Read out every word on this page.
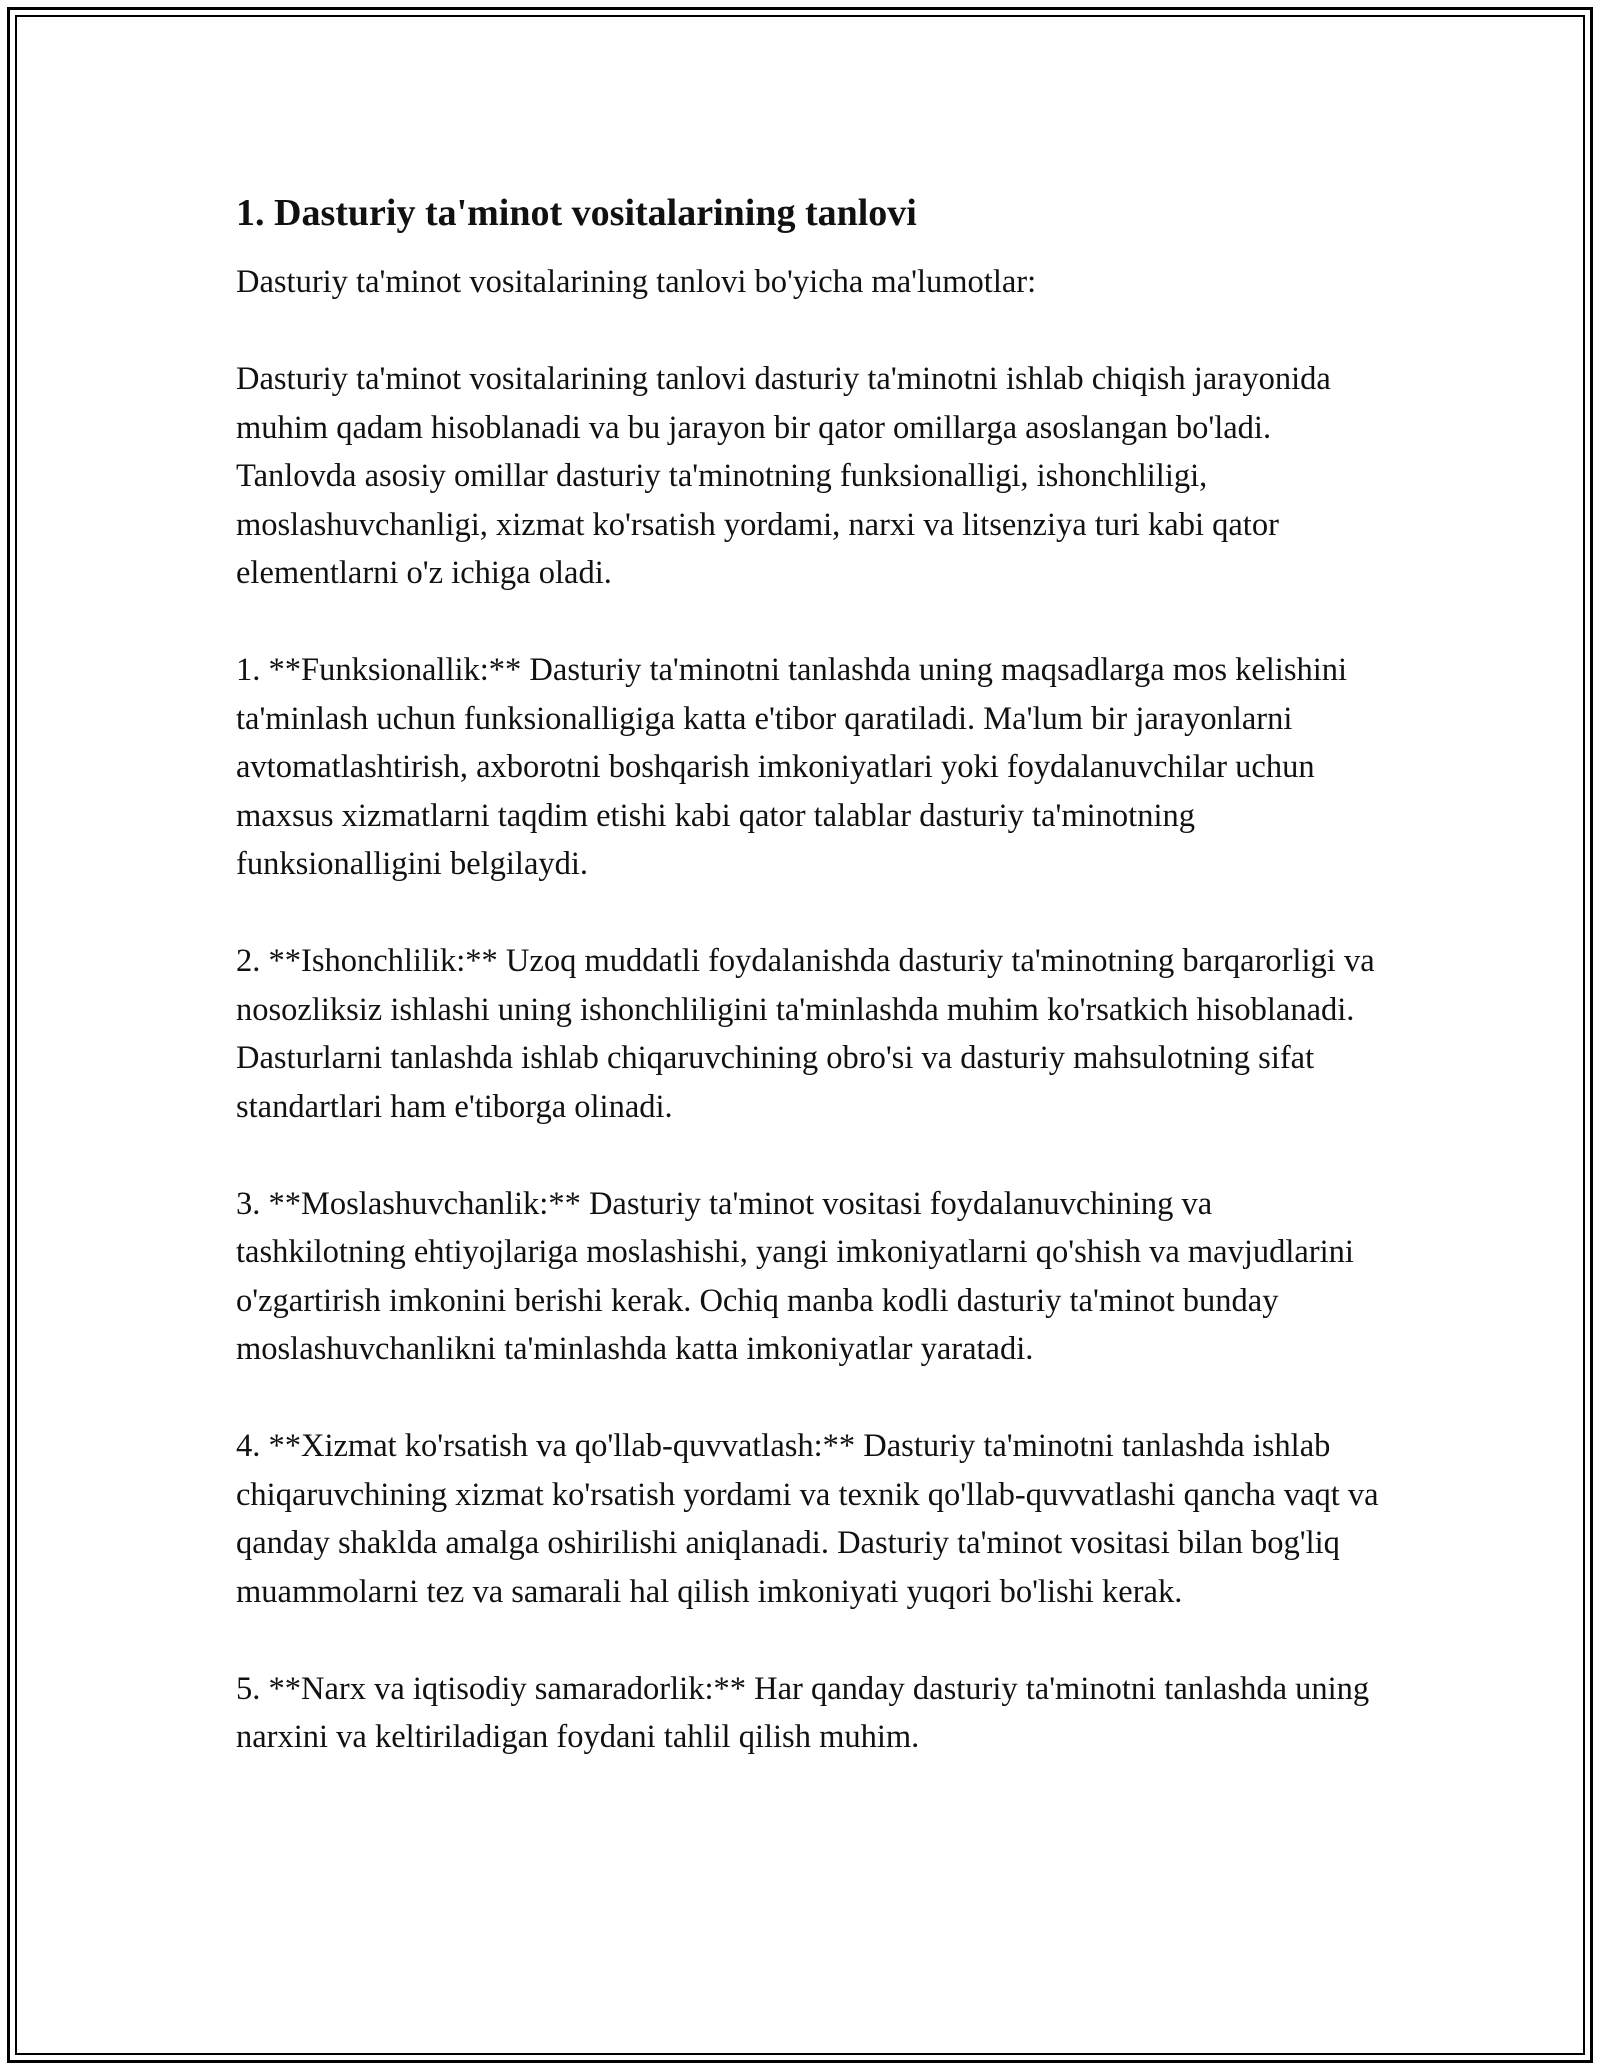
1. Dasturiy ta'minot vositalarining tanlovi

Dasturiy ta'minot vositalarining tanlovi bo'yicha ma'lumotlar:

Dasturiy ta'minot vositalarining tanlovi dasturiy ta'minotni ishlab chiqish jarayonida muhim qadam hisoblanadi va bu jarayon bir qator omillarga asoslangan bo'ladi. Tanlovda asosiy omillar dasturiy ta'minotning funksionalligi, ishonchliligi, moslashuvchanligi, xizmat ko'rsatish yordami, narxi va litsenziya turi kabi qator elementlarni o'z ichiga oladi.

1. **Funksionallik:** Dasturiy ta'minotni tanlashda uning maqsadlarga mos kelishini ta'minlash uchun funksionalligiga katta e'tibor qaratiladi. Ma'lum bir jarayonlarni avtomatlashtirish, axborotni boshqarish imkoniyatlari yoki foydalanuvchilar uchun maxsus xizmatlarni taqdim etishi kabi qator talablar dasturiy ta'minotning funksionalligini belgilaydi.

2. **Ishonchlilik:** Uzoq muddatli foydalanishda dasturiy ta'minotning barqarorligi va nosozliksiz ishlashi uning ishonchliligini ta'minlashda muhim ko'rsatkich hisoblanadi. Dasturlarni tanlashda ishlab chiqaruvchining obro'si va dasturiy mahsulotning sifat standartlari ham e'tiborga olinadi.

3. **Moslashuvchanlik:** Dasturiy ta'minot vositasi foydalanuvchining va tashkilotning ehtiyojlariga moslashishi, yangi imkoniyatlarni qo'shish va mavjudlarini o'zgartirish imkonini berishi kerak. Ochiq manba kodli dasturiy ta'minot bunday moslashuvchanlikni ta'minlashda katta imkoniyatlar yaratadi.

4. **Xizmat ko'rsatish va qo'llab-quvvatlash:** Dasturiy ta'minotni tanlashda ishlab chiqaruvchining xizmat ko'rsatish yordami va texnik qo'llab-quvvatlashi qancha vaqt va qanday shaklda amalga oshirilishi aniqlanadi. Dasturiy ta'minot vositasi bilan bog'liq muammolarni tez va samarali hal qilish imkoniyati yuqori bo'lishi kerak.

5. **Narx va iqtisodiy samaradorlik:** Har qanday dasturiy ta'minotni tanlashda uning narxini va keltiriladigan foydani tahlil qilish muhim.
